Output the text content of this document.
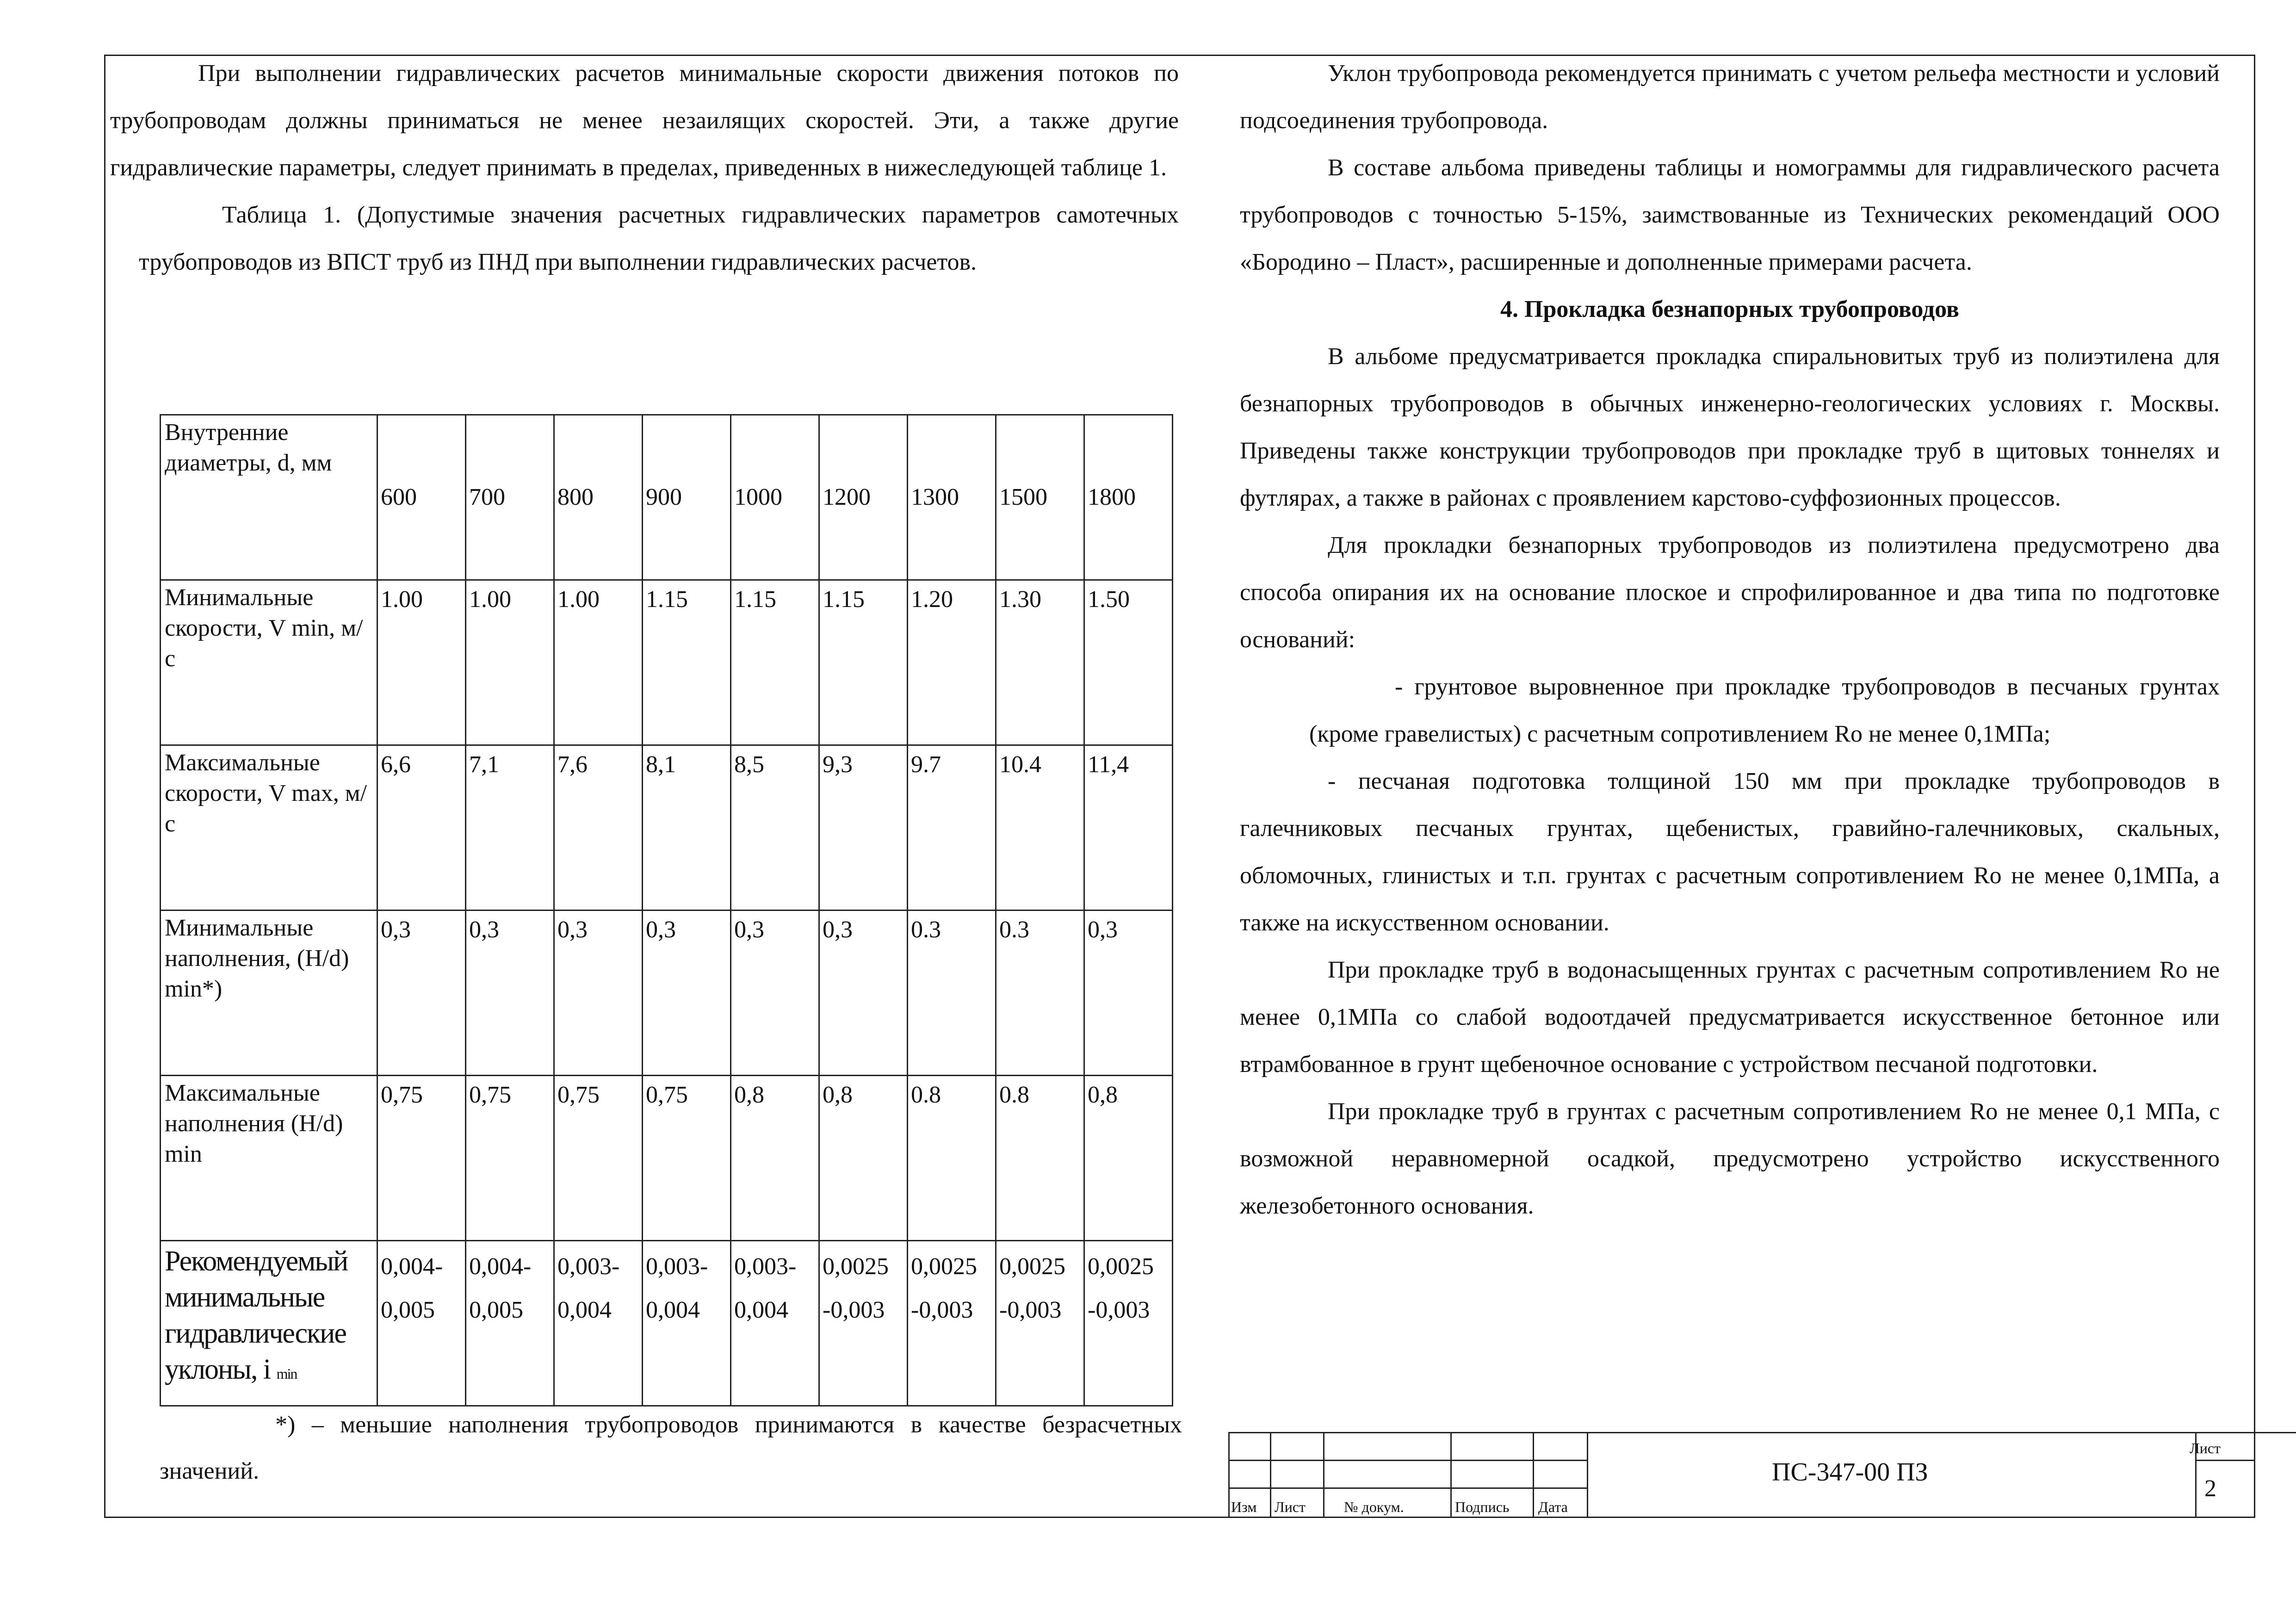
При выполнении гидравлических расчетов минимальные скорости движения потоков по трубопроводам должны приниматься не менее незаилящих скоростей. Эти, а также другие гидравлические параметры, следует принимать в пределах, приведенных в нижеследующей таблице 1.

Таблица 1. (Допустимые значения расчетных гидравлических параметров самотечных трубопроводов из ВПСТ труб из ПНД при выполнении гидравлических расчетов.

Внутренние диаметры, d, мм	600	700	800	900	1000	1200	1300	1500	1800
Минимальные скорости, V min, м/с	1.00	1.00	1.00	1.15	1.15	1.15	1.20	1.30	1.50
Максимальные скорости, V max, м/с	6,6	7,1	7,6	8,1	8,5	9,3	9.7	10.4	11,4
Минимальные наполнения, (H/d) min*)	0,3	0,3	0,3	0,3	0,3	0,3	0.3	0.3	0,3
Максимальные наполнения (H/d) min	0,75	0,75	0,75	0,75	0,8	0,8	0.8	0.8	0,8
Рекомендуемый минимальные гидравлические уклоны, i min	0,004-0,005	0,004-0,005	0,003-0,004	0,003-0,004	0,003-0,004	0,0025 -0,003	0,0025 -0,003	0,0025 -0,003	0,0025 -0,003

*) – меньшие наполнения трубопроводов принимаются в качестве безрасчетных значений.

Уклон трубопровода рекомендуется принимать с учетом рельефа местности и условий подсоединения трубопровода.

В составе альбома приведены таблицы и номограммы для гидравлического расчета трубопроводов с точностью 5-15%, заимствованные из Технических рекомендаций ООО «Бородино – Пласт», расширенные и дополненные примерами расчета.

4. Прокладка безнапорных трубопроводов

В альбоме предусматривается прокладка спиральновитых труб из полиэтилена для безнапорных трубопроводов в обычных инженерно-геологических условиях г. Москвы. Приведены также конструкции трубопроводов при прокладке труб в щитовых тоннелях и футлярах, а также в районах с проявлением карстово-суффозионных процессов.

Для прокладки безнапорных трубопроводов из полиэтилена предусмотрено два способа опирания их на основание плоское и спрофилированное и два типа по подготовке оснований:

- грунтовое выровненное при прокладке трубопроводов в песчаных грунтах (кроме гравелистых) с расчетным сопротивлением Ro не менее 0,1МПа;

- песчаная подготовка толщиной 150 мм при прокладке трубопроводов в галечниковых песчаных грунтах, щебенистых, гравийно-галечниковых, скальных, обломочных, глинистых и т.п. грунтах с расчетным сопротивлением Ro не менее 0,1МПа, а также на искусственном основании.

При прокладке труб в водонасыщенных грунтах с расчетным сопротивлением Ro не менее 0,1МПа со слабой водоотдачей предусматривается искусственное бетонное или втрамбованное в грунт щебеночное основание с устройством песчаной подготовки.

При прокладке труб в грунтах с расчетным сопротивлением Ro не менее 0,1 МПа, с возможной неравномерной осадкой, предусмотрено устройство искусственного железобетонного основания.

Изм Лист	№ докум.	Подпись Дата
ПС-347-00 ПЗ
Лист
2
